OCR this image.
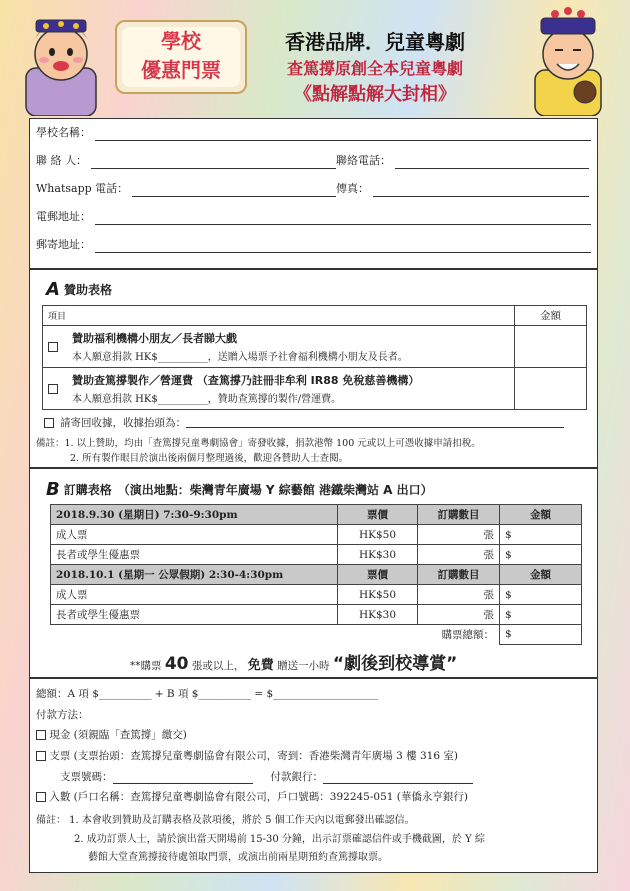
學校
優惠門票
香港品牌．兒童粵劇
查篤撐原創全本兒童粵劇
《點解點解大封相》
學校名稱：
聯 絡 人：	聯絡電話：
Whatsapp 電話：	傳真：
電郵地址：
郵寄地址：
A 贊助表格
項目	金額

贊助福利機構小朋友／長者睇大戲
本人願意捐款 HK$__________，送贈入場票予社會福利機構小朋友及長者。	

贊助查篤撐製作／營運費 （查篤撐乃註冊非牟利 IR88 免稅慈善機構）
本人願意捐款 HK$__________，贊助查篤撐的製作/營運費。	

請寄回收據，收據抬頭為：
備註：1. 以上贊助，均由「查篤撐兒童粵劇協會」寄發收據，捐款港幣 100 元或以上可憑收據申請扣稅。
2. 所有製作眼目於演出後兩個月整理過後，歡迎各贊助人士查閱。
B 訂購表格　（演出地點：柴灣青年廣場 Y 綜藝館 港鐵柴灣站 A 出口）
2018.9.30 (星期日) 7:30-9:30pm	票價	訂購數目	金額
成人票	HK$50	張	$
長者或學生優惠票	HK$30	張	$
2018.10.1 (星期一 公眾假期) 2:30-4:30pm	票價	訂購數目	金額
成人票	HK$50	張	$
長者或學生優惠票	HK$30	張	$
購票總額：			$
**購票 40 張或以上， 免費 贈送一小時 “劇後到校導賞”
總額：A 項 $__________ + B 項 $__________ = $____________________
付款方法：
現金 (須親臨「查篤撐」繳交)
支票 (支票抬頭：查篤撐兒童粵劇協會有限公司，寄到：香港柴灣青年廣場 3 樓 316 室)
支票號碼：	付款銀行：
入數 (戶口名稱：查篤撐兒童粵劇協會有限公司，戶口號碼：392245-051 (華僑永亨銀行)
備註： 1. 本會收到贊助及訂購表格及款項後，將於 5 個工作天內以電郵發出確認信。
2. 成功訂票人士，請於演出當天開場前 15-30 分鐘，出示訂票確認信件或手機截圖，於 Y 綜
藝館大堂查篤撐接待處領取門票，或演出前兩星期預約查篤撐取票。
